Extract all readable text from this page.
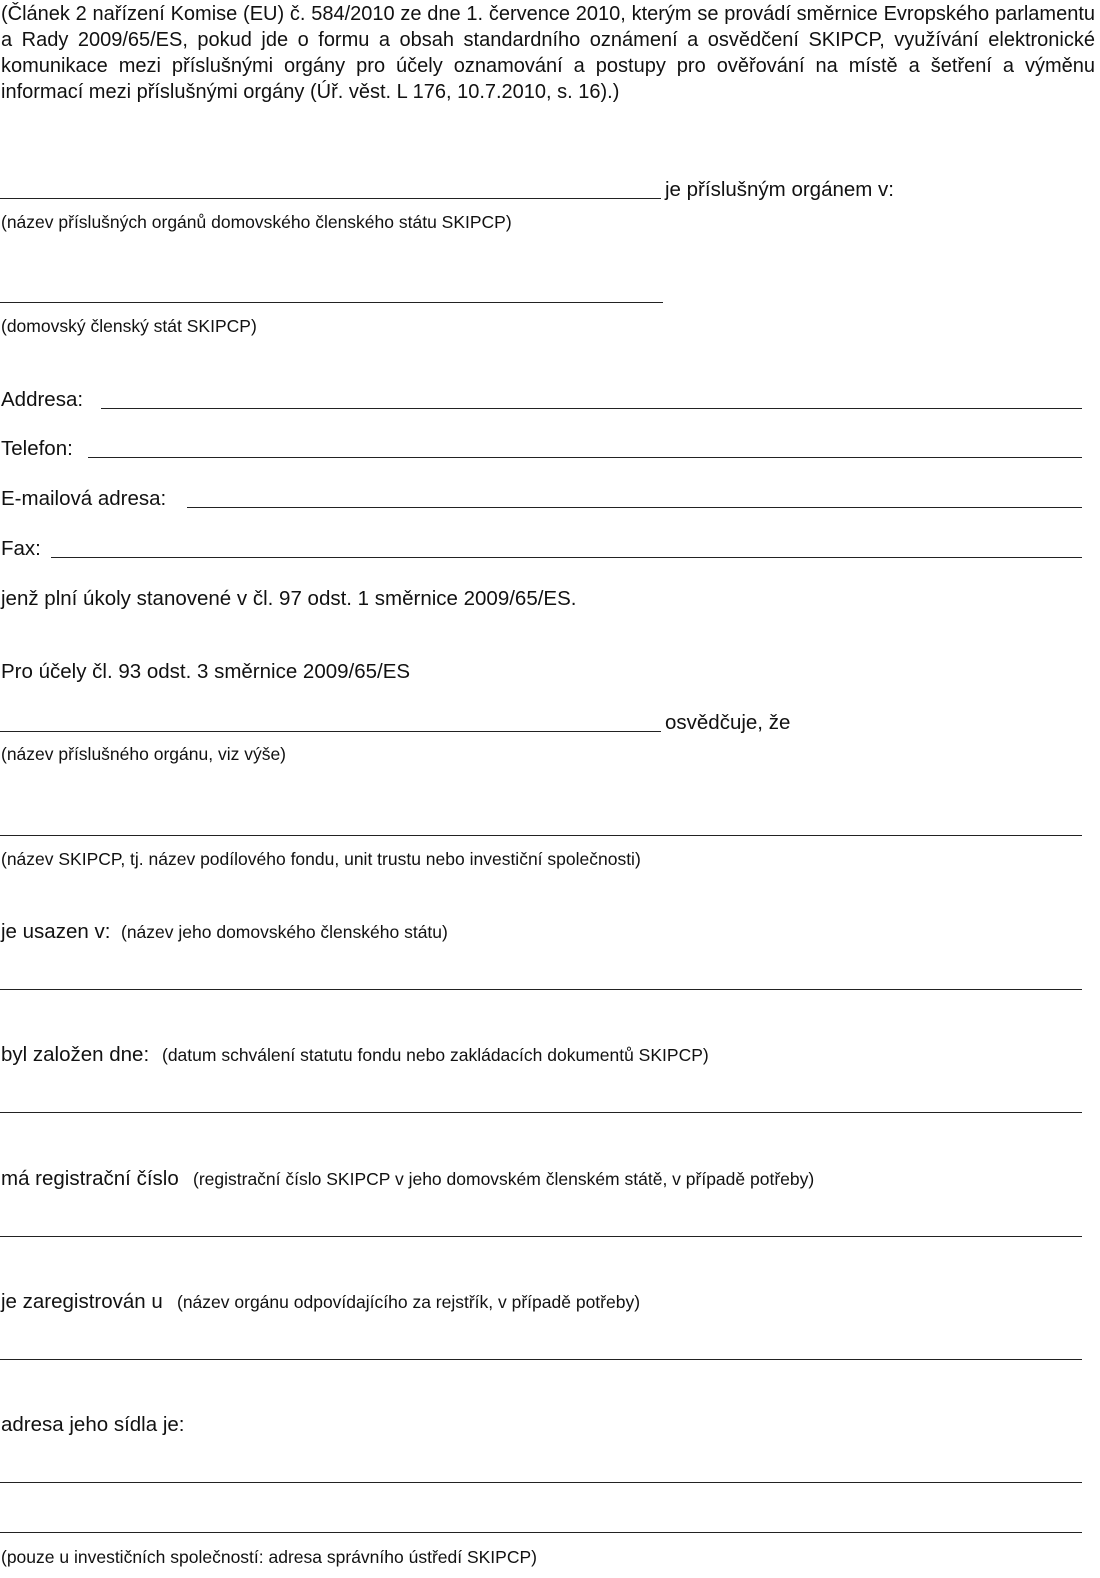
(Článek 2 nařízení Komise (EU) č. 584/2010 ze dne 1. července 2010, kterým se provádí směrnice Evropského parlamentu a Rady 2009/65/ES, pokud jde o formu a obsah standardního oznámení a osvědčení SKIPCP, využívání elektronické komunikace mezi příslušnými orgány pro účely oznamování a postupy pro ověřování na místě a šetření a výměnu informací mezi příslušnými orgány (Úř. věst. L 176, 10.7.2010, s. 16).)

je příslušným orgánem v:
(název příslušných orgánů domovského členského státu SKIPCP)
(domovský členský stát SKIPCP)
Addresa:
Telefon:
E-mailová adresa:
Fax:
jenž plní úkoly stanovené v čl. 97 odst. 1 směrnice 2009/65/ES.
Pro účely čl. 93 odst. 3 směrnice 2009/65/ES
osvědčuje, že
(název příslušného orgánu, viz výše)
(název SKIPCP, tj. název podílového fondu, unit trustu nebo investiční společnosti)
je usazen v: (název jeho domovského členského státu)
byl založen dne: (datum schválení statutu fondu nebo zakládacích dokumentů SKIPCP)
má registrační číslo (registrační číslo SKIPCP v jeho domovském členském státě, v případě potřeby)
je zaregistrován u (název orgánu odpovídajícího za rejstřík, v případě potřeby)
adresa jeho sídla je:
(pouze u investičních společností: adresa správního ústředí SKIPCP)
